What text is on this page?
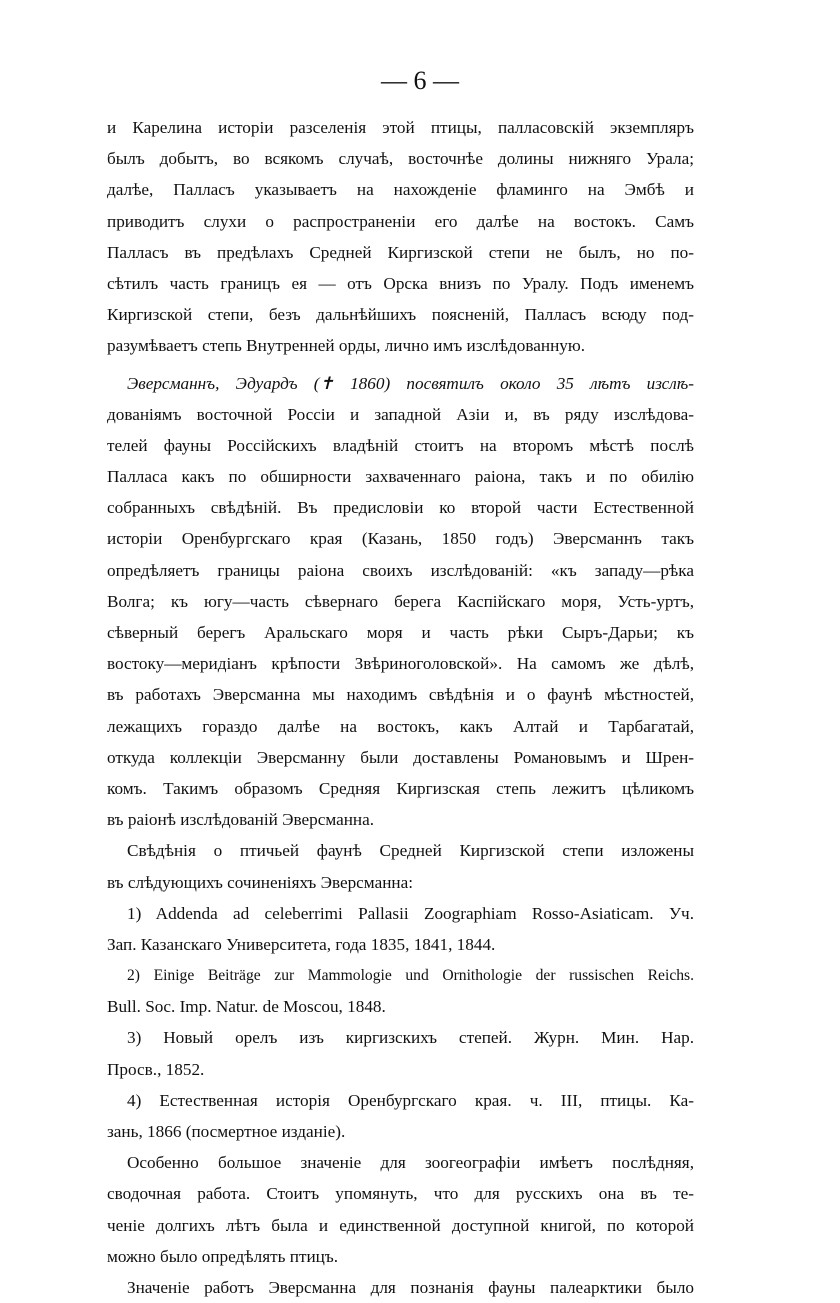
— 6 —
и Карелина исторiи разселенiя этой птицы, палласовскiй экземпляръ
былъ добытъ, во всякомъ случаѣ, восточнѣе долины нижняго Урала;
далѣе, Палласъ указываетъ на нахожденiе фламинго на Эмбѣ и
приводитъ слухи о распространенiи его далѣе на востокъ. Самъ
Палласъ въ предѣлахъ Средней Киргизской степи не былъ, но по-
сѣтилъ часть границъ ея — отъ Орска внизъ по Уралу. Подъ именемъ
Киргизской степи, безъ дальнѣйшихъ поясненiй, Палласъ всюду под-
разумѣваетъ степь Внутренней орды, лично имъ изслѣдованную.
Эверсманнъ, Эдуардъ (✝ 1860) посвятилъ около 35 лѣтъ изслѣ-
дованiямъ восточной Россiи и западной Азiи и, въ ряду изслѣдова-
телей фауны Россiйскихъ владѣнiй стоитъ на второмъ мѣстѣ послѣ
Палласа какъ по обширности захваченнаго раiона, такъ и по обилiю
собранныхъ свѣдѣнiй. Въ предисловiи ко второй части Естественной
исторiи Оренбургскаго края (Казань, 1850 годъ) Эверсманнъ такъ
опредѣляетъ границы раiона своихъ изслѣдованiй: «къ западу—рѣка
Волга; къ югу—часть сѣвернаго берега Каспiйскаго моря, Усть-уртъ,
сѣверный берегъ Аральскаго моря и часть рѣки Сыръ-Дарьи; къ
востоку—меридiанъ крѣпости Звѣриноголовской». На самомъ же дѣлѣ,
въ работахъ Эверсманна мы находимъ свѣдѣнiя и о фаунѣ мѣстностей,
лежащихъ гораздо далѣе на востокъ, какъ Алтай и Тарбагатай,
откуда коллекцiи Эверсманну были доставлены Романовымъ и Шрен-
комъ. Такимъ образомъ Средняя Киргизская степь лежитъ цѣликомъ
въ раiонѣ изслѣдованiй Эверсманна.
Свѣдѣнiя о птичьей фаунѣ Средней Киргизской степи изложены
въ слѣдующихъ сочиненiяхъ Эверсманна:
1) Addenda ad celeberrimi Pallasii Zoographiam Rosso-Asiaticam. Уч.
Зап. Казанскаго Университета, года 1835, 1841, 1844.
2) Einige Beiträge zur Mammologie und Ornithologie der russischen Reichs.
Bull. Soc. Imp. Natur. de Moscou, 1848.
3) Новый орелъ изъ киргизскихъ степей. Журн. Мин. Нар.
Просв., 1852.
4) Естественная исторiя Оренбургскаго края. ч. III, птицы. Ка-
зань, 1866 (посмертное изданiе).
Особенно большое значенiе для зоогеографiи имѣетъ послѣдняя,
сводочная работа. Стоитъ упомянуть, что для русскихъ она въ те-
ченiе долгихъ лѣтъ была и единственной доступной книгой, по которой
можно было опредѣлять птицъ.
Значенiе работъ Эверсманна для познанiя фауны палеарктики было
